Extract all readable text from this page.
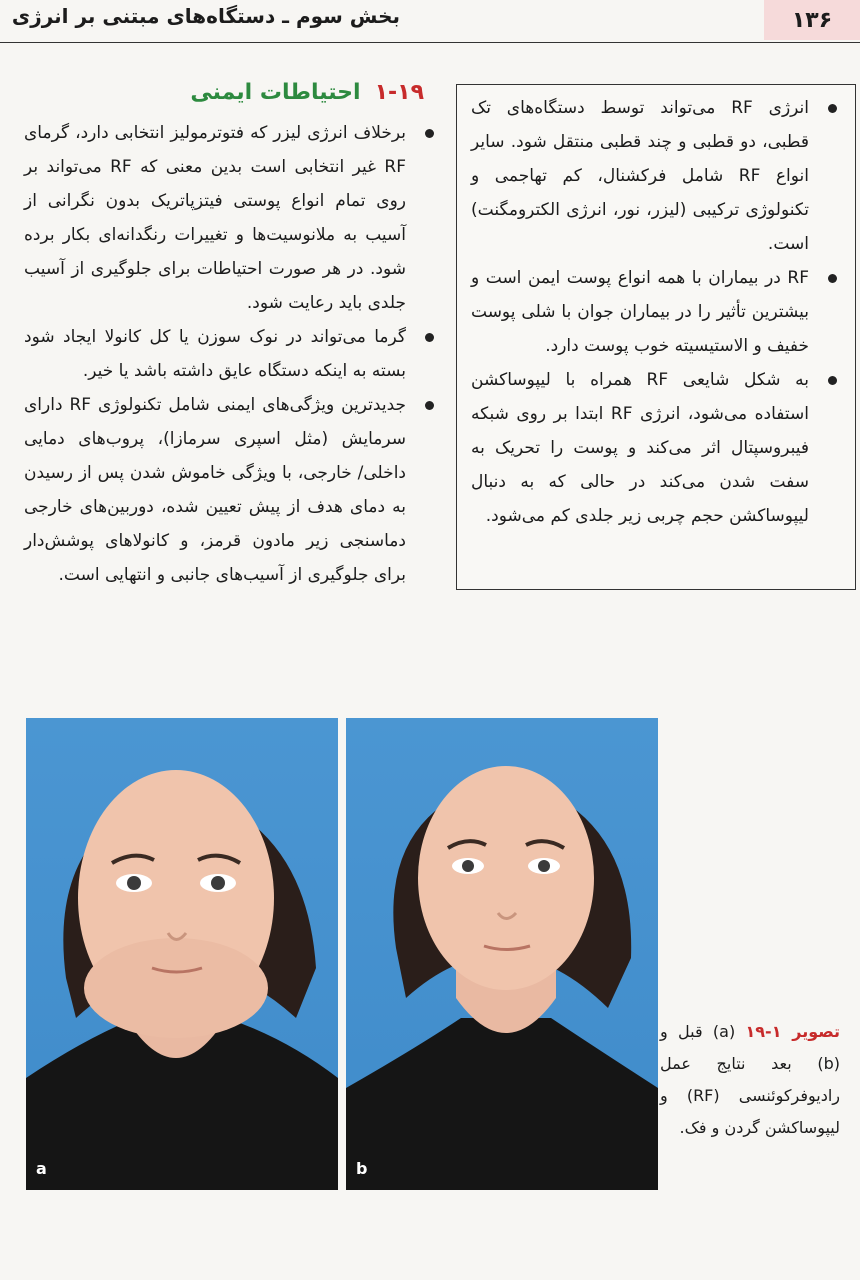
۱۳۶
بخش سوم ـ دستگاه‌های مبتنی بر انرژی
انرژی RF می‌تواند توسط دستگاه‌های تک قطبی، دو قطبی و چند قطبی منتقل شود. سایر انواع RF شامل فرکشنال، کم تهاجمی و تکنولوژی ترکیبی (لیزر، نور، انرژی الکترومگنت) است.
RF در بیماران با همه انواع پوست ایمن است و بیشترین تأثیر را در بیماران جوان با شلی پوست خفیف و الاستیسیته خوب پوست دارد.
به شکل شایعی RF همراه با لیپوساکشن استفاده می‌شود، انرژی RF ابتدا بر روی شبکه فیبروسپتال اثر می‌کند و پوست را تحریک به سفت شدن می‌کند در حالی که به دنبال لیپوساکشن حجم چربی زیر جلدی کم می‌شود.
۱-۱۹احتیاطات ایمنی
برخلاف انرژی لیزر که فتوترمولیز انتخابی دارد، گرمای RF غیر انتخابی است بدین معنی که RF می‌تواند بر روی تمام انواع پوستی فیتزپاتریک بدون نگرانی از آسیب به ملانوسیت‌ها و تغییرات رنگدانه‌ای بکار برده شود. در هر صورت احتیاطات برای جلوگیری از آسیب جلدی باید رعایت شود.
گرما می‌تواند در نوک سوزن یا کل کانولا ایجاد شود بسته به اینکه دستگاه عایق داشته باشد یا خیر.
جدیدترین ویژگی‌های ایمنی شامل تکنولوژی RF دارای سرمایش (مثل اسپری سرمازا)، پروب‌های دمایی داخلی/ خارجی، با ویژگی خاموش شدن پس از رسیدن به دمای هدف از پیش تعیین شده، دوربین‌های خارجی دماسنجی زیر مادون قرمز، و کانولاهای پوشش‌دار برای جلوگیری از آسیب‌های جانبی و انتهایی است.
a	b
تصویر ۱-۱۹ (a) قبل و (b) بعد نتایج عمل رادیوفرکوئنسی (RF) و لیپوساکشن گردن و فک.
